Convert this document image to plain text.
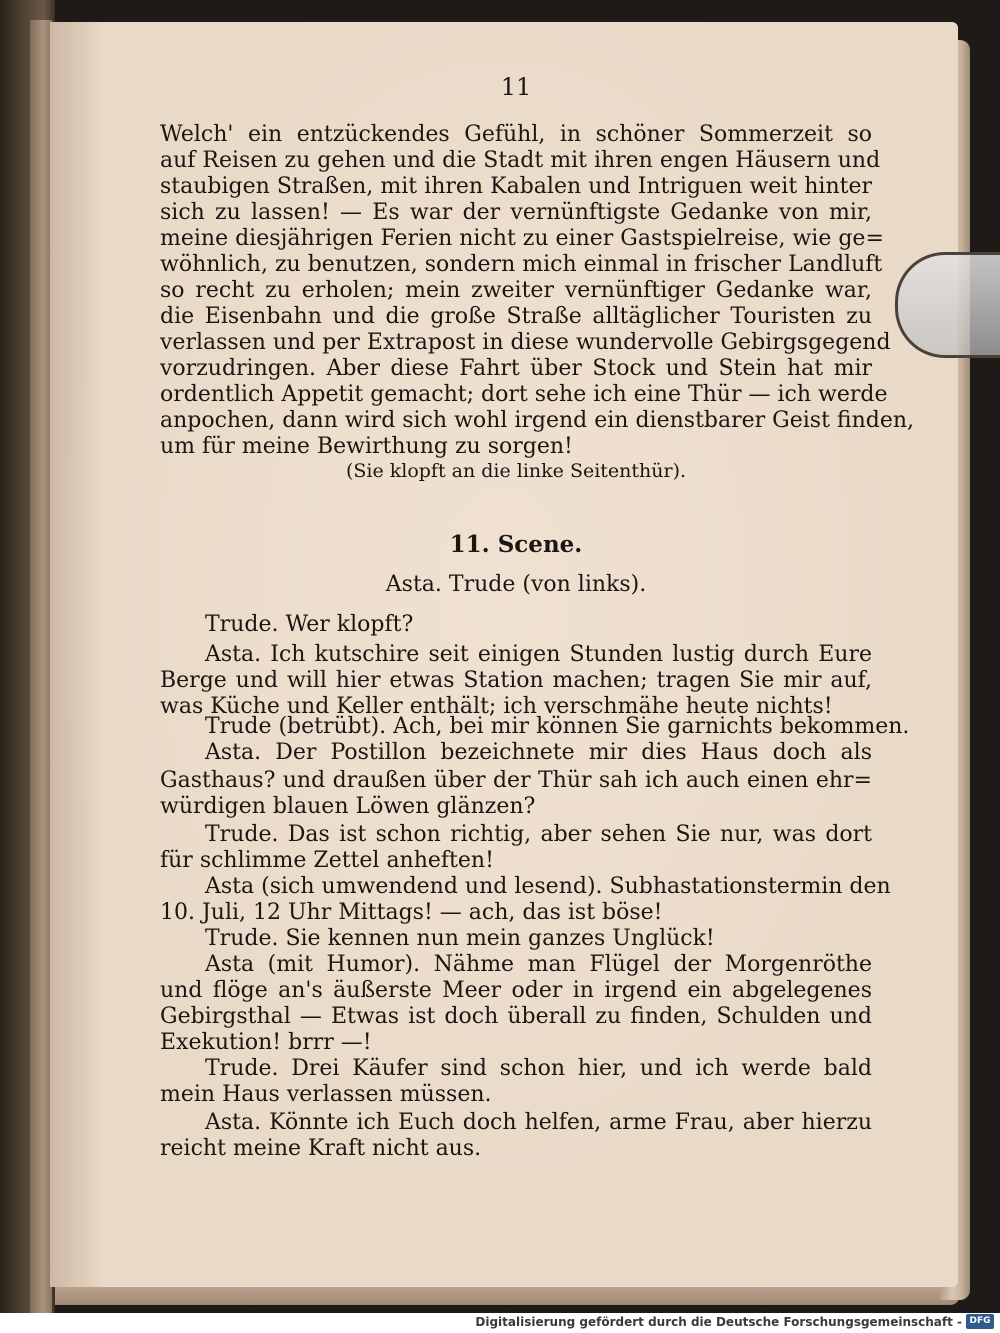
11
Welch' ein entzückendes Gefühl, in schöner Sommerzeit so
auf Reisen zu gehen und die Stadt mit ihren engen Häusern und
staubigen Straßen, mit ihren Kabalen und Intriguen weit hinter
sich zu lassen! — Es war der vernünftigste Gedanke von mir,
meine diesjährigen Ferien nicht zu einer Gastspielreise, wie ge=
wöhnlich, zu benutzen, sondern mich einmal in frischer Landluft
so recht zu erholen; mein zweiter vernünftiger Gedanke war,
die Eisenbahn und die große Straße alltäglicher Touristen zu
verlassen und per Extrapost in diese wundervolle Gebirgsgegend
vorzudringen. Aber diese Fahrt über Stock und Stein hat mir
ordentlich Appetit gemacht; dort sehe ich eine Thür — ich werde
anpochen, dann wird sich wohl irgend ein dienstbarer Geist finden,
um für meine Bewirthung zu sorgen!
(Sie klopft an die linke Seitenthür).
11. Scene.
Asta. Trude (von links).
Trude. Wer klopft?
Asta. Ich kutschire seit einigen Stunden lustig durch Eure
Berge und will hier etwas Station machen; tragen Sie mir auf,
was Küche und Keller enthält; ich verschmähe heute nichts!
Trude (betrübt). Ach, bei mir können Sie garnichts bekommen.
Asta. Der Postillon bezeichnete mir dies Haus doch als
Gasthaus? und draußen über der Thür sah ich auch einen ehr=
würdigen blauen Löwen glänzen?
Trude. Das ist schon richtig, aber sehen Sie nur, was dort
für schlimme Zettel anheften!
Asta (sich umwendend und lesend). Subhastationstermin den
10. Juli, 12 Uhr Mittags! — ach, das ist böse!
Trude. Sie kennen nun mein ganzes Unglück!
Asta (mit Humor). Nähme man Flügel der Morgenröthe
und flöge an's äußerste Meer oder in irgend ein abgelegenes
Gebirgsthal — Etwas ist doch überall zu finden, Schulden und
Exekution! brrr —!
Trude. Drei Käufer sind schon hier, und ich werde bald
mein Haus verlassen müssen.
Asta. Könnte ich Euch doch helfen, arme Frau, aber hierzu
reicht meine Kraft nicht aus.
Digitalisierung gefördert durch die Deutsche Forschungsgemeinschaft - DFG
